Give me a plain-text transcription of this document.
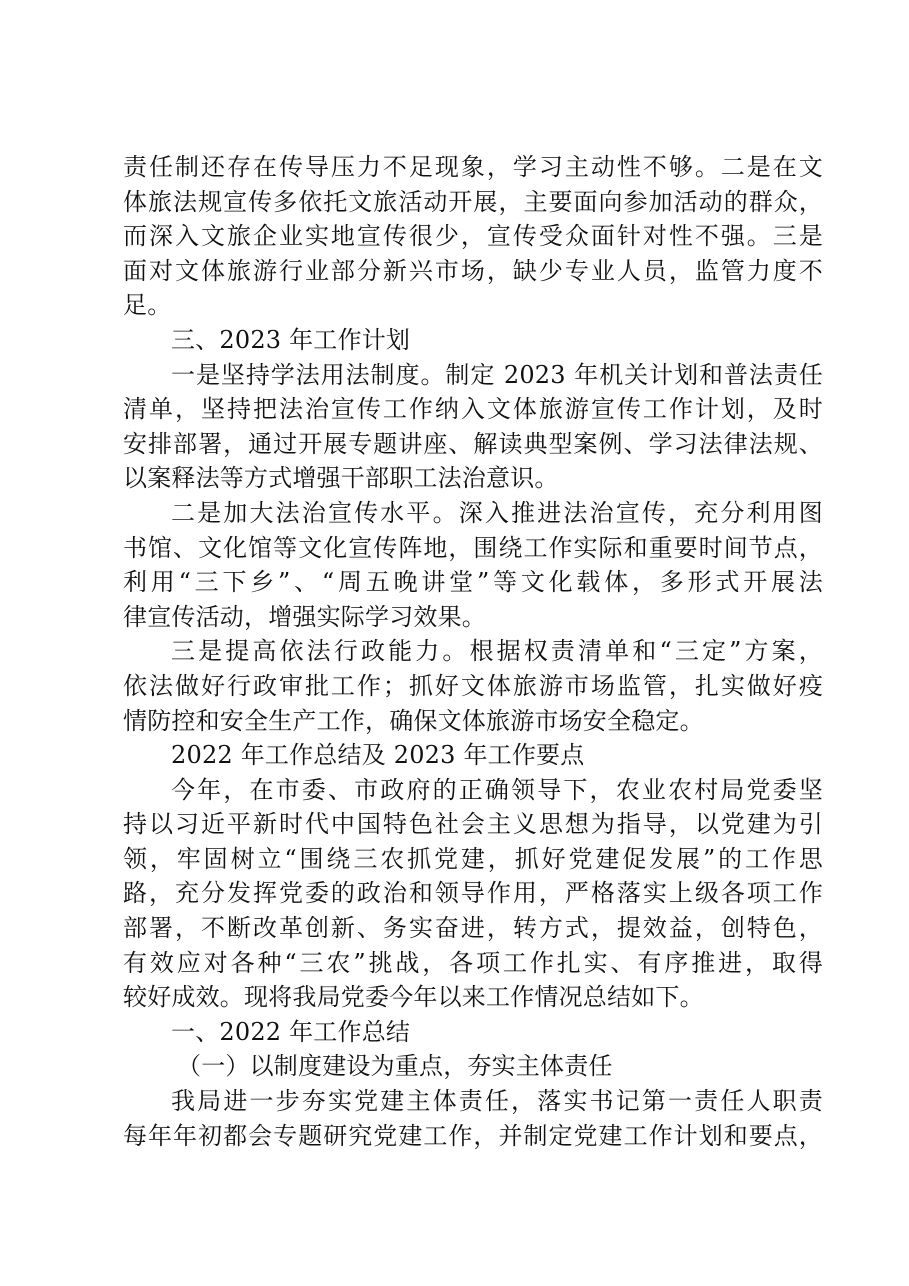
责任制还存在传导压力不足现象，学习主动性不够。二是在文
体旅法规宣传多依托文旅活动开展，主要面向参加活动的群众，
而深入文旅企业实地宣传很少，宣传受众面针对性不强。三是
面对文体旅游行业部分新兴市场，缺少专业人员，监管力度不
足。
三、2023 年工作计划
一是坚持学法用法制度。制定 2023 年机关计划和普法责任
清单，坚持把法治宣传工作纳入文体旅游宣传工作计划，及时
安排部署，通过开展专题讲座、解读典型案例、学习法律法规、
以案释法等方式增强干部职工法治意识。
二是加大法治宣传水平。深入推进法治宣传，充分利用图
书馆、文化馆等文化宣传阵地，围绕工作实际和重要时间节点，
利用“三下乡”、“周五晚讲堂”等文化载体，多形式开展法
律宣传活动，增强实际学习效果。
三是提高依法行政能力。根据权责清单和“三定”方案，
依法做好行政审批工作；抓好文体旅游市场监管，扎实做好疫
情防控和安全生产工作，确保文体旅游市场安全稳定。
2022 年工作总结及 2023 年工作要点
今年，在市委、市政府的正确领导下，农业农村局党委坚
持以习近平新时代中国特色社会主义思想为指导，以党建为引
领，牢固树立“围绕三农抓党建，抓好党建促发展”的工作思
路，充分发挥党委的政治和领导作用，严格落实上级各项工作
部署，不断改革创新、务实奋进，转方式，提效益，创特色，
有效应对各种“三农”挑战，各项工作扎实、有序推进，取得
较好成效。现将我局党委今年以来工作情况总结如下。
一、2022 年工作总结
（一）以制度建设为重点，夯实主体责任
我局进一步夯实党建主体责任，落实书记第一责任人职责
每年年初都会专题研究党建工作，并制定党建工作计划和要点，
